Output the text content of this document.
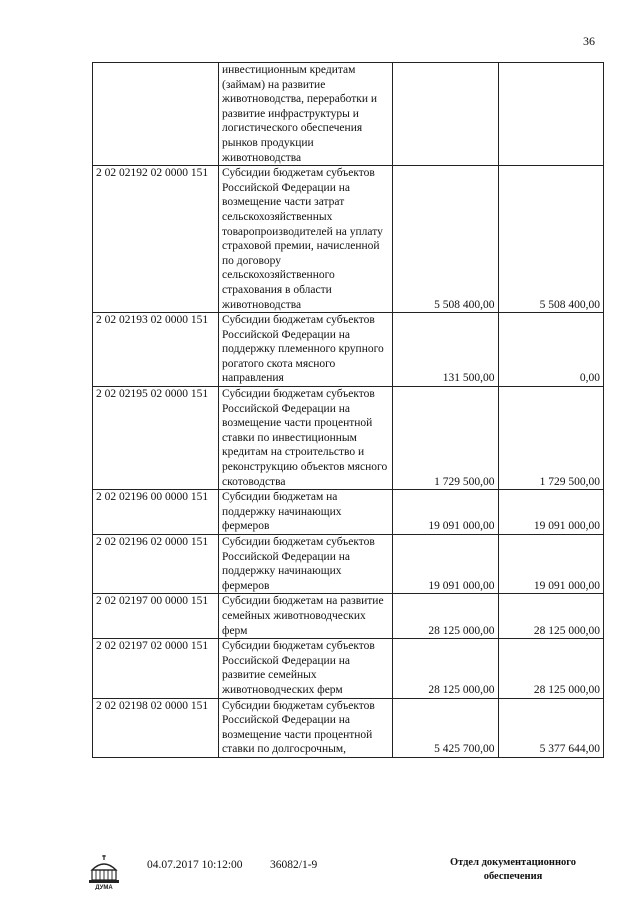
36
	инвестиционным кредитам (займам) на развитие животноводства, переработки и развитие инфраструктуры и логистического обеспечения рынков продукции животноводства		
2 02 02192 02 0000 151	Субсидии бюджетам субъектов Российской Федерации на возмещение части затрат сельскохозяйственных товаропроизводителей на уплату страховой премии, начисленной по договору сельскохозяйственного страхования в области животноводства	5 508 400,00	5 508 400,00
2 02 02193 02 0000 151	Субсидии бюджетам субъектов Российской Федерации на поддержку племенного крупного рогатого скота мясного направления	131 500,00	0,00
2 02 02195 02 0000 151	Субсидии бюджетам субъектов Российской Федерации на возмещение части процентной ставки по инвестиционным кредитам на строительство и реконструкцию объектов мясного скотоводства	1 729 500,00	1 729 500,00
2 02 02196 00 0000 151	Субсидии бюджетам на поддержку начинающих фермеров	19 091 000,00	19 091 000,00
2 02 02196 02 0000 151	Субсидии бюджетам субъектов Российской Федерации на поддержку начинающих фермеров	19 091 000,00	19 091 000,00
2 02 02197 00 0000 151	Субсидии бюджетам на развитие семейных животноводческих ферм	28 125 000,00	28 125 000,00
2 02 02197 02 0000 151	Субсидии бюджетам субъектов Российской Федерации на развитие семейных животноводческих ферм	28 125 000,00	28 125 000,00
2 02 02198 02 0000 151	Субсидии бюджетам субъектов Российской Федерации на возмещение части процентной ставки по долгосрочным,	5 425 700,00	5 377 644,00
ДУМА
04.07.2017 10:12:00 36082/1-9	Отдел документационного обеспечения
